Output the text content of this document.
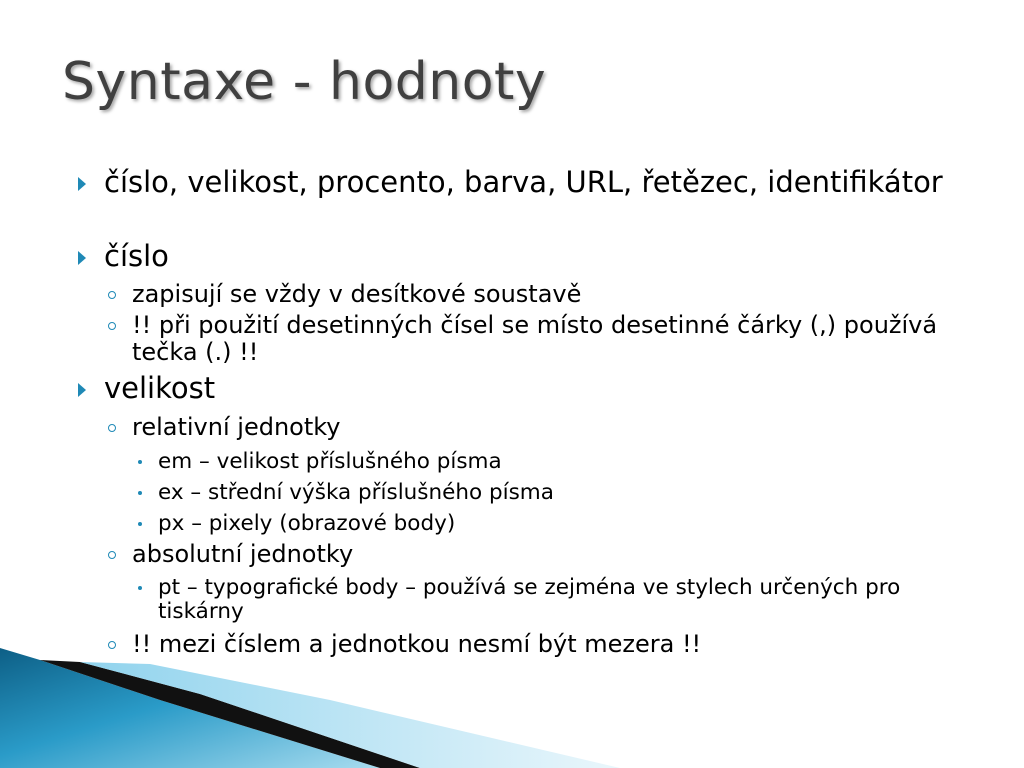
Syntaxe - hodnoty
číslo, velikost, procento, barva, URL, řetězec, identifikátor
číslo
zapisují se vždy v desítkové soustavě
!! při použití desetinných čísel se místo desetinné čárky (,) používá tečka (.) !!
velikost
relativní jednotky
em – velikost příslušného písma
ex – střední výška příslušného písma
px – pixely (obrazové body)
absolutní jednotky
pt – typografické body – používá se zejména ve stylech určených pro tiskárny
!! mezi číslem a jednotkou nesmí být mezera !!
